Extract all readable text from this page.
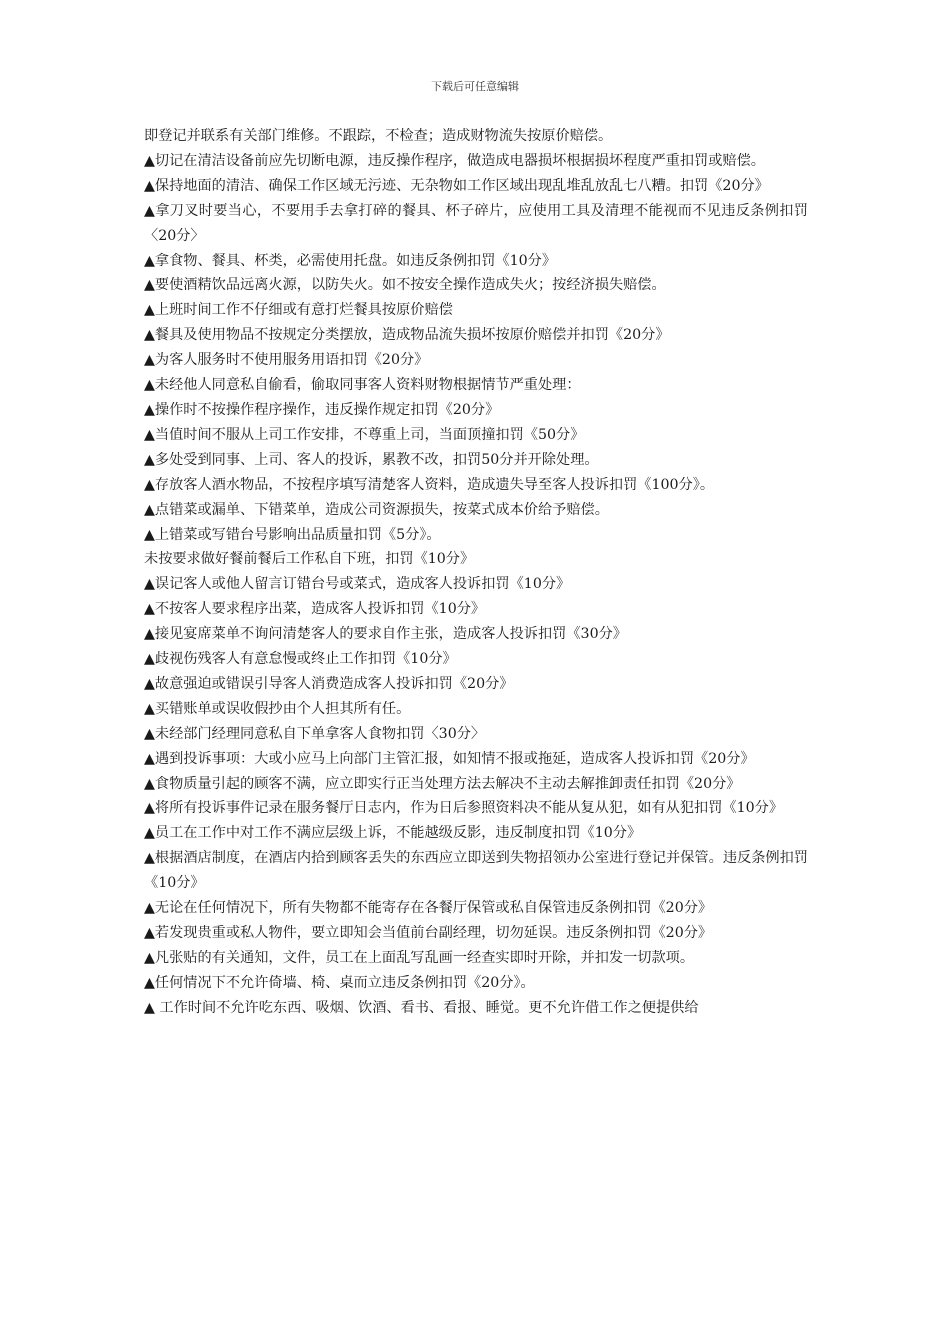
下载后可任意编辑

即登记并联系有关部门维修。不跟踪，不检查；造成财物流失按原价赔偿。

▲切记在清洁设备前应先切断电源，违反操作程序，做造成电器损坏根据损坏程度严重扣罚或赔偿。

▲保持地面的清洁、确保工作区域无污迹、无杂物如工作区域出现乱堆乱放乱七八糟。扣罚《20分》

▲拿刀叉时要当心，不要用手去拿打碎的餐具、杯子碎片，应使用工具及清理不能视而不见违反条例扣罚〈20分〉

▲拿食物、餐具、杯类，必需使用托盘。如违反条例扣罚《10分》

▲要使酒精饮品远离火源，以防失火。如不按安全操作造成失火；按经济损失赔偿。

▲上班时间工作不仔细或有意打烂餐具按原价赔偿

▲餐具及使用物品不按规定分类摆放，造成物品流失损坏按原价赔偿并扣罚《20分》

▲为客人服务时不使用服务用语扣罚《20分》

▲未经他人同意私自偷看，偷取同事客人资料财物根据情节严重处理：

▲操作时不按操作程序操作，违反操作规定扣罚《20分》

▲当值时间不服从上司工作安排，不尊重上司，当面顶撞扣罚《50分》

▲多处受到同事、上司、客人的投诉，累教不改，扣罚50分并开除处理。

▲存放客人酒水物品，不按程序填写清楚客人资料，造成遗失导至客人投诉扣罚《100分》。

▲点错菜或漏单、下错菜单，造成公司资源损失，按菜式成本价给予赔偿。

▲上错菜或写错台号影响出品质量扣罚《5分》。

未按要求做好餐前餐后工作私自下班，扣罚《10分》

▲误记客人或他人留言订错台号或菜式，造成客人投诉扣罚《10分》

▲不按客人要求程序出菜，造成客人投诉扣罚《10分》

▲接见宴席菜单不询问清楚客人的要求自作主张，造成客人投诉扣罚《30分》

▲歧视伤残客人有意怠慢或终止工作扣罚《10分》

▲故意强迫或错误引导客人消费造成客人投诉扣罚《20分》

▲买错账单或误收假抄由个人担其所有任。

▲未经部门经理同意私自下单拿客人食物扣罚〈30分〉

▲遇到投诉事项：大或小应马上向部门主管汇报，如知情不报或拖延，造成客人投诉扣罚《20分》

▲食物质量引起的顾客不满，应立即实行正当处理方法去解决不主动去解推卸责任扣罚《20分》

▲将所有投诉事件记录在服务餐厅日志内，作为日后参照资料决不能从复从犯，如有从犯扣罚《10分》

▲员工在工作中对工作不满应层级上诉，不能越级反影，违反制度扣罚《10分》

▲根据酒店制度，在酒店内拾到顾客丢失的东西应立即送到失物招领办公室进行登记并保管。违反条例扣罚《10分》

▲无论在任何情况下，所有失物都不能寄存在各餐厅保管或私自保管违反条例扣罚《20分》

▲若发现贵重或私人物件，要立即知会当值前台副经理，切勿延误。违反条例扣罚《20分》

▲凡张贴的有关通知，文件，员工在上面乱写乱画一经查实即时开除，并扣发一切款项。

▲任何情况下不允许倚墙、椅、桌而立违反条例扣罚《20分》。

▲ 工作时间不允许吃东西、吸烟、饮酒、看书、看报、睡觉。更不允许借工作之便提供给
